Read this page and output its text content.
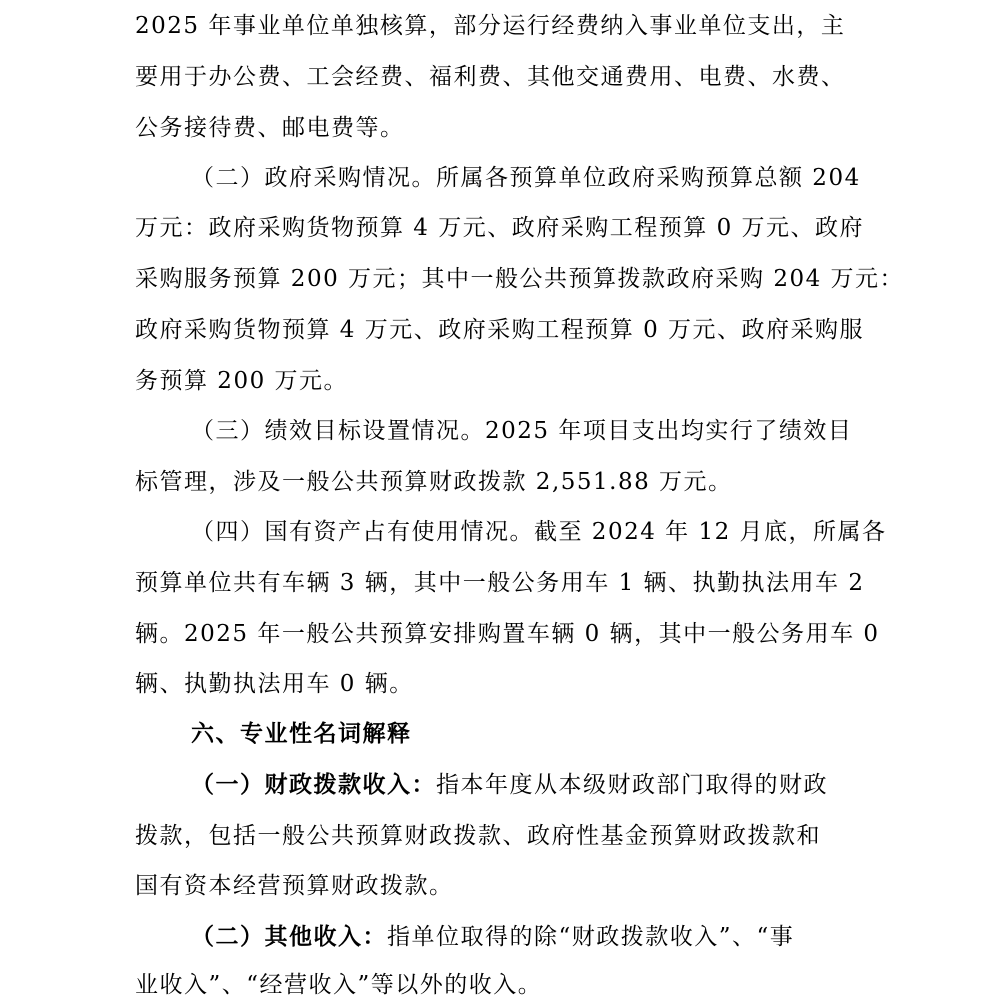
2025 年事业单位单独核算，部分运行经费纳入事业单位支出，主
要用于办公费、工会经费、福利费、其他交通费用、电费、水费、
公务接待费、邮电费等。
（二）政府采购情况。所属各预算单位政府采购预算总额 204
万元：政府采购货物预算 4 万元、政府采购工程预算 0 万元、政府
采购服务预算 200 万元；其中一般公共预算拨款政府采购 204 万元：
政府采购货物预算 4 万元、政府采购工程预算 0 万元、政府采购服
务预算 200 万元。
（三）绩效目标设置情况。2025 年项目支出均实行了绩效目
标管理，涉及一般公共预算财政拨款 2,551.88 万元。
（四）国有资产占有使用情况。截至 2024 年 12 月底，所属各
预算单位共有车辆 3 辆，其中一般公务用车 1 辆、执勤执法用车 2
辆。2025 年一般公共预算安排购置车辆 0 辆，其中一般公务用车 0
辆、执勤执法用车 0 辆。
六、专业性名词解释
（一）财政拨款收入：指本年度从本级财政部门取得的财政
拨款，包括一般公共预算财政拨款、政府性基金预算财政拨款和
国有资本经营预算财政拨款。
（二）其他收入：指单位取得的除“财政拨款收入”、“事
业收入”、“经营收入”等以外的收入。
